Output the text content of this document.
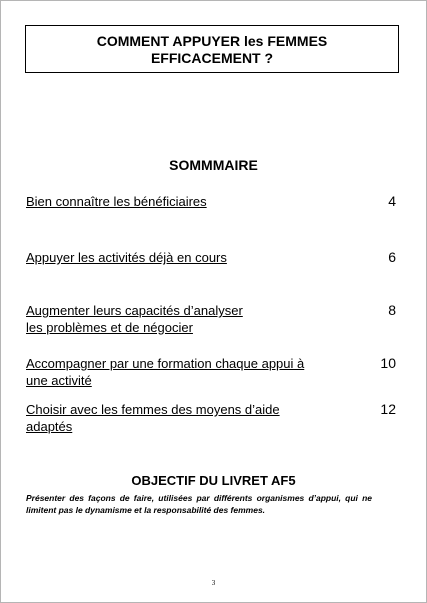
COMMENT APPUYER les FEMMES
EFFICACEMENT ?
SOMMMAIRE
Bien connaître les bénéficiaires	4
Appuyer les activités déjà en cours	6
Augmenter leurs capacités d’analyser
les problèmes et de négocier
8
Accompagner par une formation chaque appui à
une activité
10
Choisir avec les femmes des moyens d’aide
adaptés
12
OBJECTIF DU LIVRET AF5
Présenter des façons de faire, utilisées par différents organismes d’appui, qui ne limitent pas le dynamisme et la responsabilité des femmes.
3
